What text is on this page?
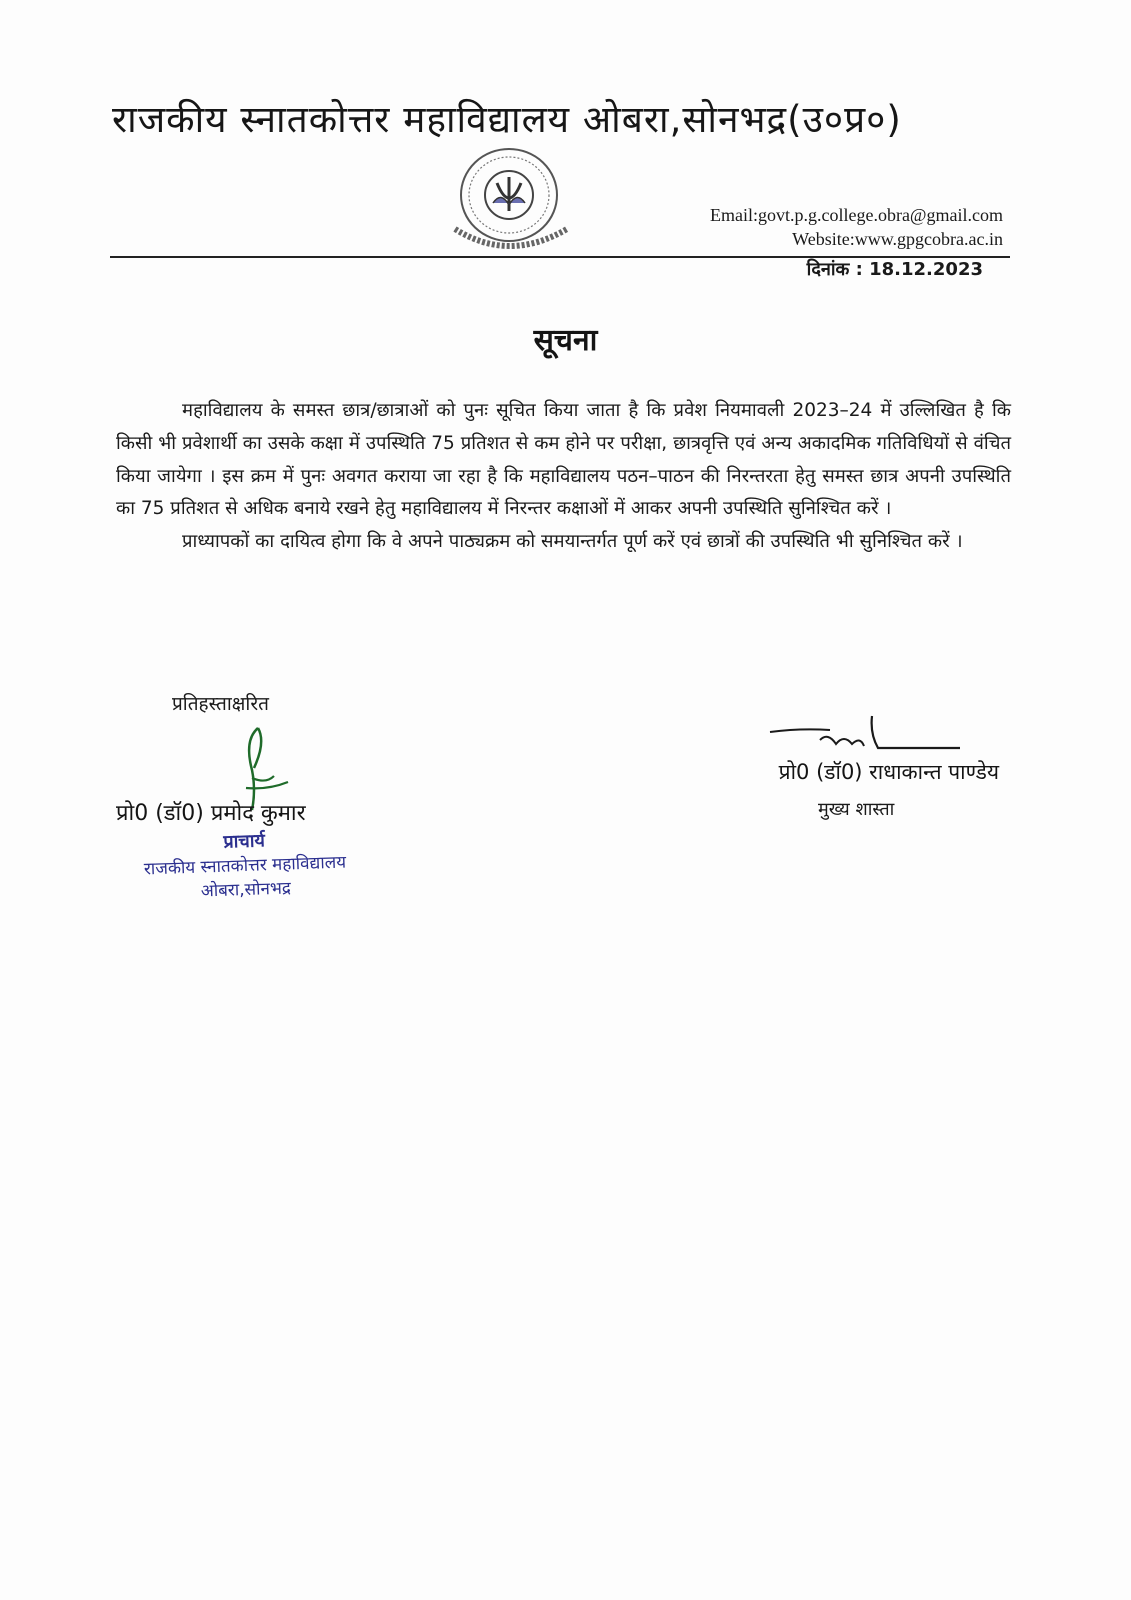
राजकीय स्नातकोत्तर महाविद्यालय ओबरा,सोनभद्र(उ०प्र०)
Email:govt.p.g.college.obra@gmail.com
Website:www.gpgcobra.ac.in
दिनांक : 18.12.2023
सूचना

महाविद्यालय के समस्त छात्र/छात्राओं को पुनः सूचित किया जाता है कि प्रवेश नियमावली 2023–24 में उल्लिखित है कि किसी भी प्रवेशार्थी का उसके कक्षा में उपस्थिति 75 प्रतिशत से कम होने पर परीक्षा, छात्रवृत्ति एवं अन्य अकादमिक गतिविधियों से वंचित किया जायेगा । इस क्रम में पुनः अवगत कराया जा रहा है कि महाविद्यालय पठन–पाठन की निरन्तरता हेतु समस्त छात्र अपनी उपस्थिति का 75 प्रतिशत से अधिक बनाये रखने हेतु महाविद्यालय में निरन्तर कक्षाओं में आकर अपनी उपस्थिति सुनिश्चित करें ।

प्राध्यापकों का दायित्व होगा कि वे अपने पाठ्यक्रम को समयान्तर्गत पूर्ण करें एवं छात्रों की उपस्थिति भी सुनिश्चित करें ।

प्रतिहस्ताक्षरित
प्रो0 (डॉ0) प्रमोद कुमार
प्राचार्य
राजकीय स्नातकोत्तर महाविद्यालय
ओबरा,सोनभद्र
प्रो0 (डॉ0) राधाकान्त पाण्डेय
मुख्य शास्ता
